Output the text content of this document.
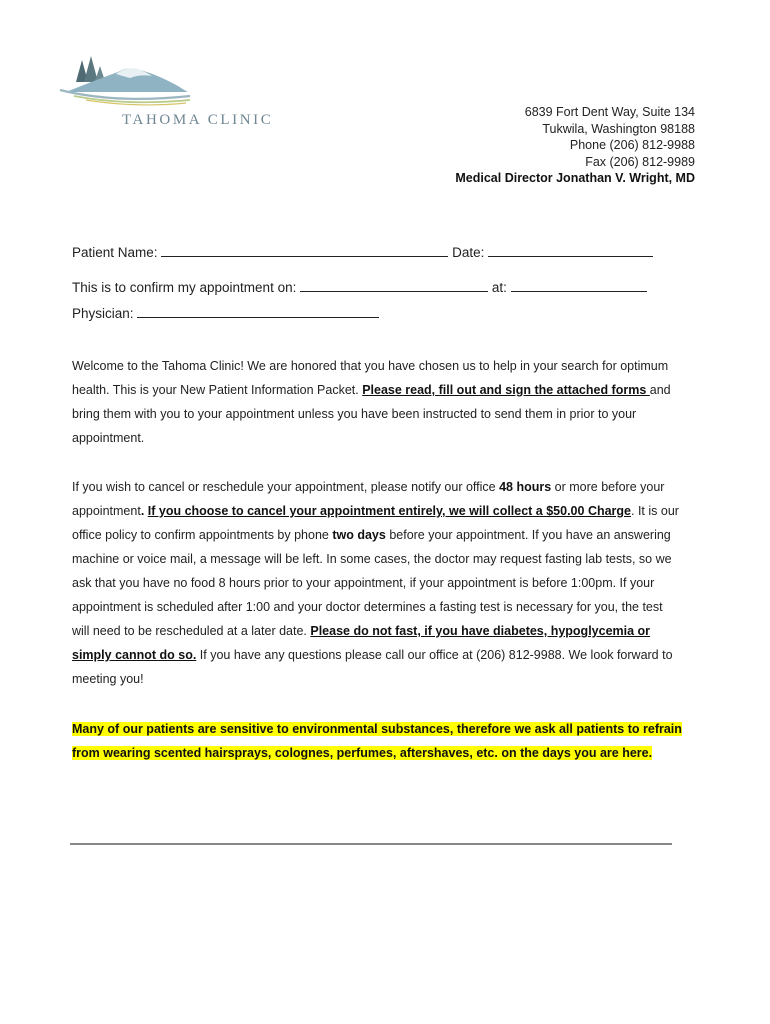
TAHOMA CLINIC	6839 Fort Dent Way, Suite 134
Tukwila, Washington 98188
Phone (206) 812-9988
Fax (206) 812-9989
Medical Director Jonathan V. Wright, MD
Patient Name:	Date:
This is to confirm my appointment on:	at:
Physician:
Welcome to the Tahoma Clinic! We are honored that you have chosen us to help in your search for optimum health. This is your New Patient Information Packet. Please read, fill out and sign the attached forms and bring them with you to your appointment unless you have been instructed to send them in prior to your appointment.
If you wish to cancel or reschedule your appointment, please notify our office 48 hours or more before your appointment. If you choose to cancel your appointment entirely, we will collect a $50.00 Charge. It is our office policy to confirm appointments by phone two days before your appointment. If you have an answering machine or voice mail, a message will be left. In some cases, the doctor may request fasting lab tests, so we ask that you have no food 8 hours prior to your appointment, if your appointment is before 1:00pm. If your appointment is scheduled after 1:00 and your doctor determines a fasting test is necessary for you, the test will need to be rescheduled at a later date. Please do not fast, if you have diabetes, hypoglycemia or simply cannot do so. If you have any questions please call our office at (206) 812-9988. We look forward to meeting you!
Many of our patients are sensitive to environmental substances, therefore we ask all patients to refrain from wearing scented hairsprays, colognes, perfumes, aftershaves, etc. on the days you are here.
